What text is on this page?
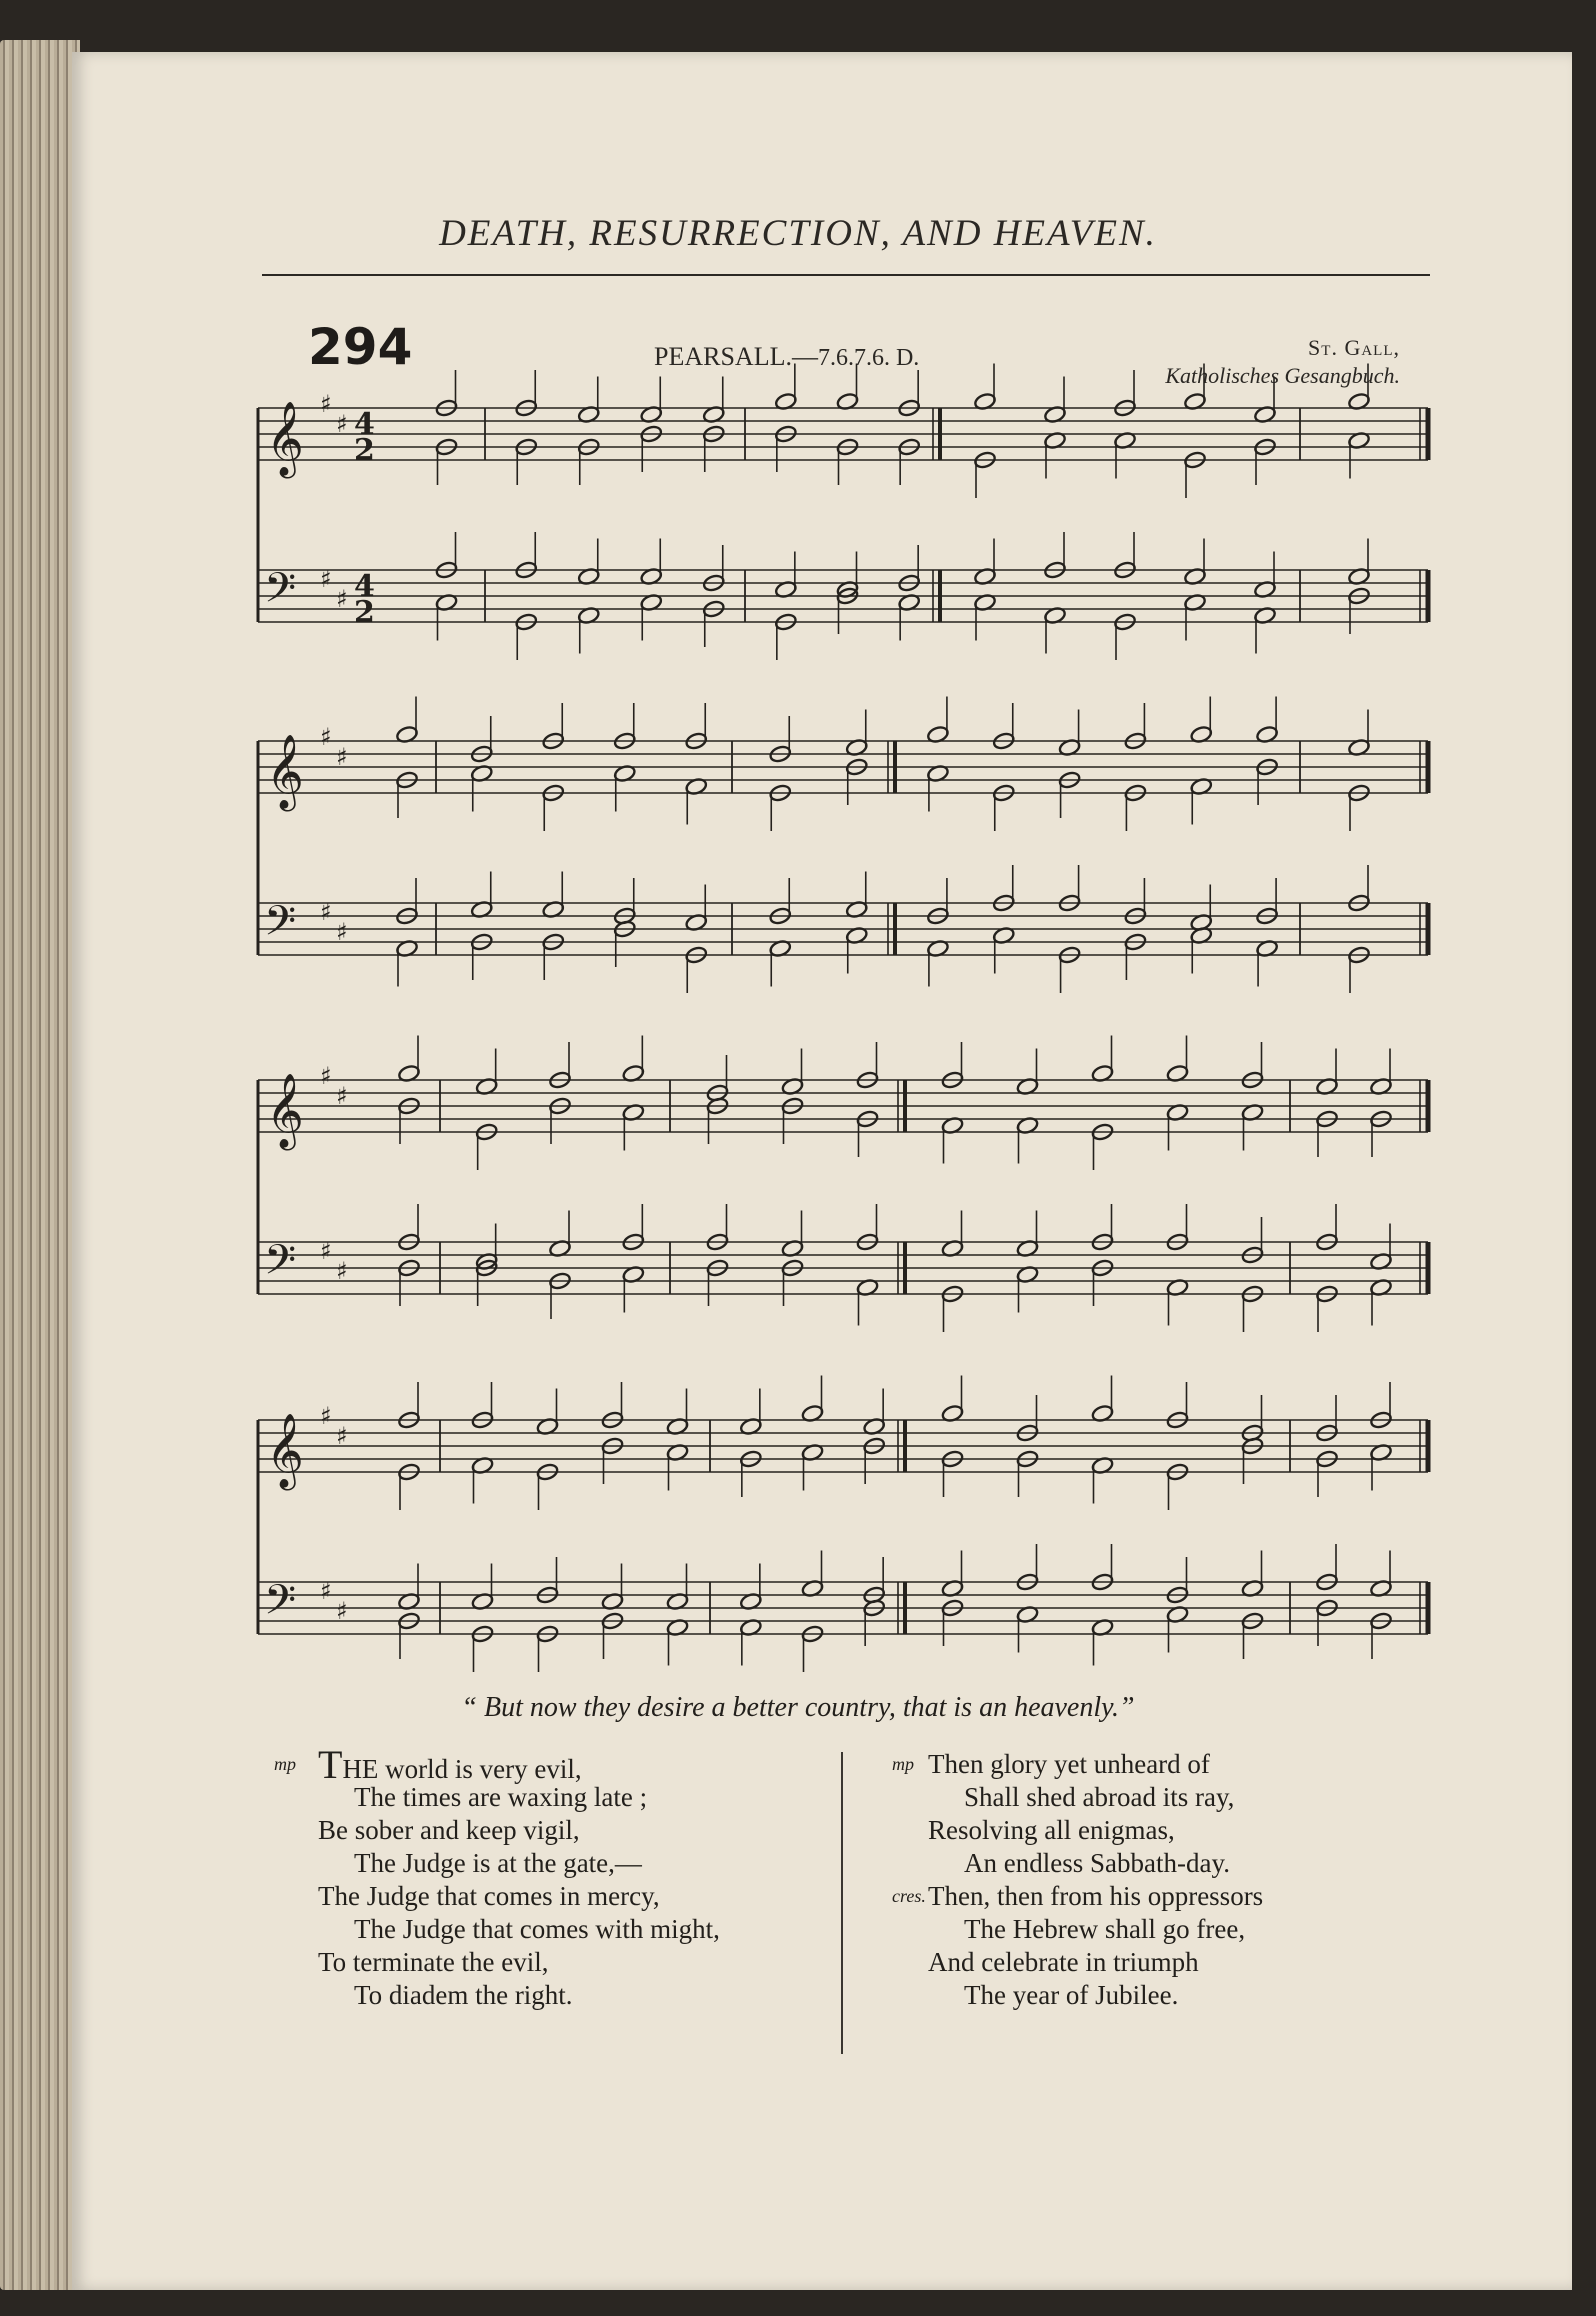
DEATH, RESURRECTION, AND HEAVEN.
294	PEARSALL.—7.6.7.6. D.	St. Gall,
Katholisches Gesangbuch.
𝄞
𝄢
♯
♯
♯
♯
4
2
4
2
𝄞
𝄢
♯
♯
♯
♯
𝄞
𝄢
♯
♯
♯
♯
𝄞
𝄢
♯
♯
♯
♯
“ But now they desire a better country, that is an heavenly.”
mp THE world is very evil,
The times are waxing late ;
Be sober and keep vigil,
The Judge is at the gate,—
The Judge that comes in mercy,
The Judge that comes with might,
To terminate the evil,
To diadem the right.
mp Then glory yet unheard of
Shall shed abroad its ray,
Resolving all enigmas,
An endless Sabbath-day.
cres. Then, then from his oppressors
The Hebrew shall go free,
And celebrate in triumph
The year of Jubilee.
